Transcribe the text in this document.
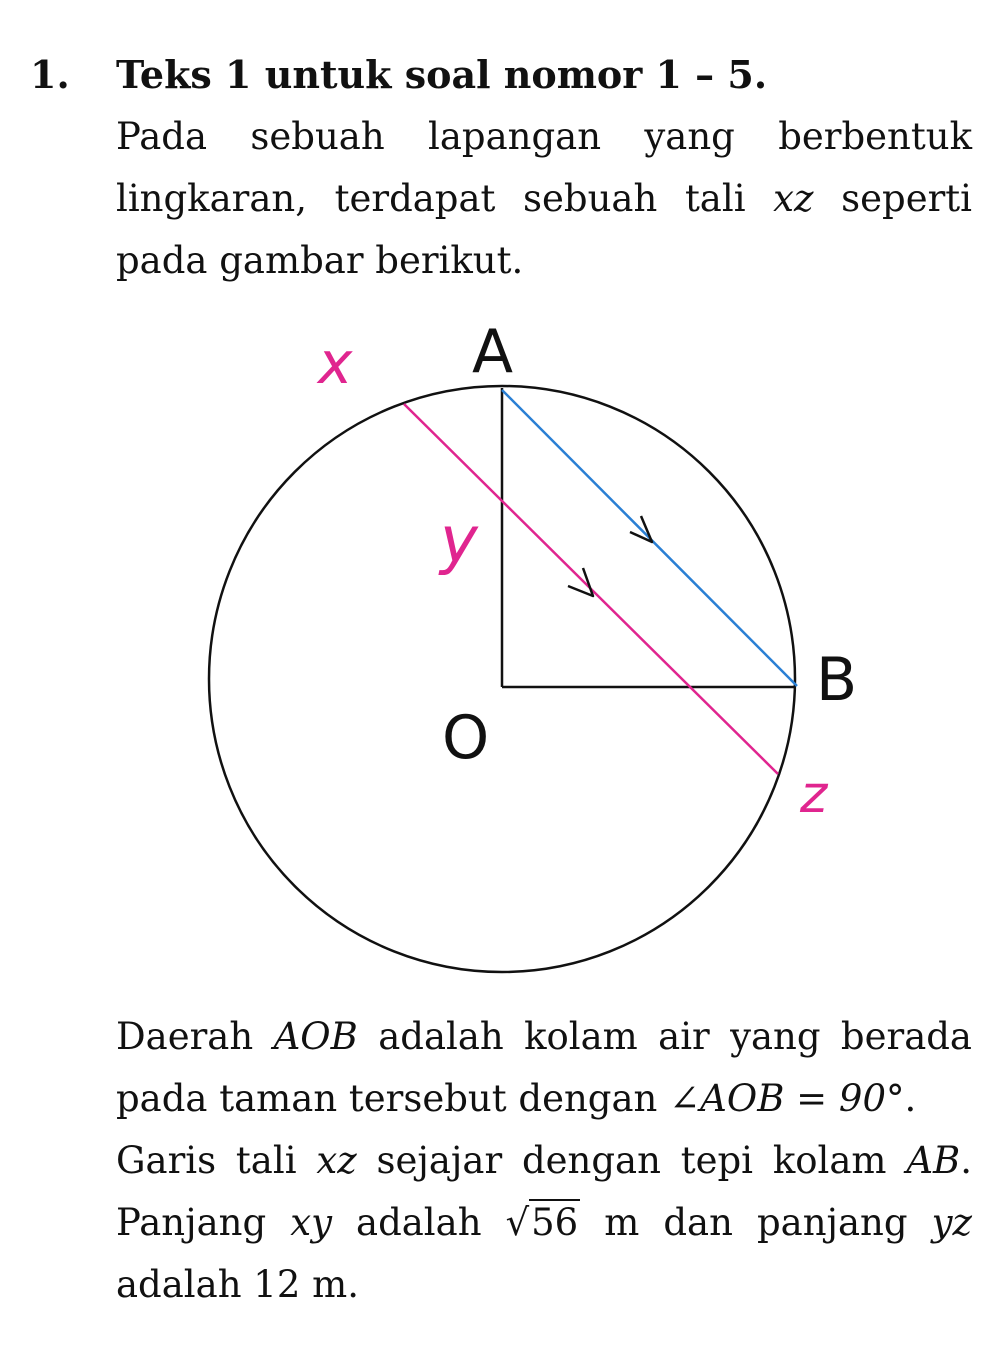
1. Teks 1 untuk soal nomor 1 – 5.
Pada sebuah lapangan yang berbentuk
lingkaran, terdapat sebuah tali xz seperti
pada gambar berikut.
x A
y
B
O
z
Daerah AOB adalah kolam air yang berada
pada taman tersebut dengan ∠AOB = 90°.
Garis tali xz sejajar dengan tepi kolam AB.
Panjang xy adalah √56 m dan panjang yz
adalah 12 m.
